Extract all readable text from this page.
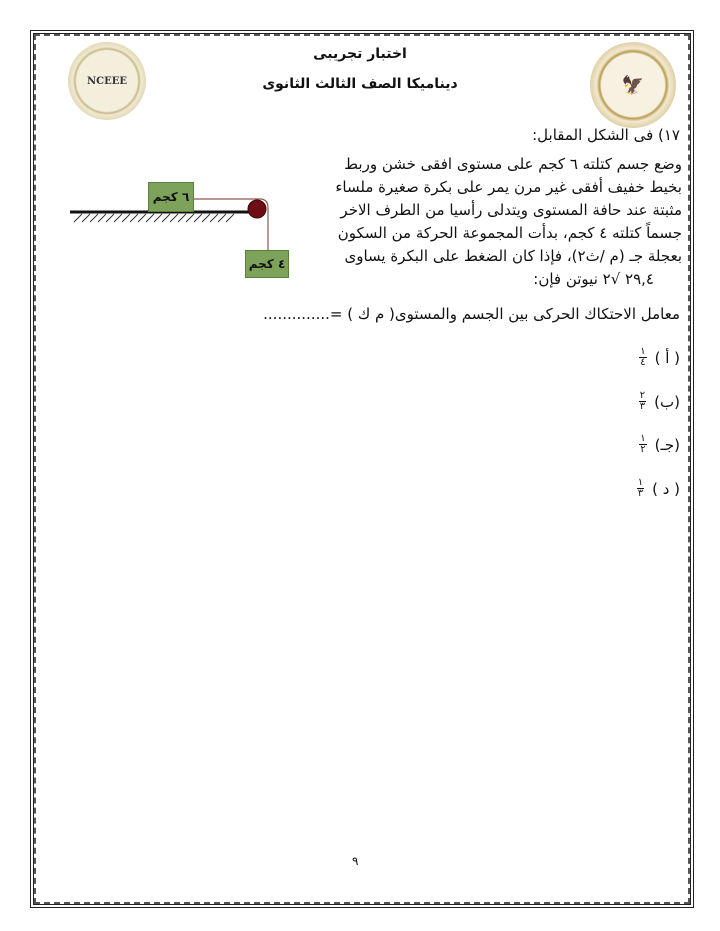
NCEEE	🦅
اختبار تجريبى
ديناميكا الصف الثالث الثانوى
١٧) فى الشكل المقابل:
وضع جسم كتلته ٦ كجم على مستوى افقى خشن وربط
بخيط خفيف أفقى غير مرن يمر على بكرة صغيرة ملساء
مثبتة عند حافة المستوى ويتدلى رأسيا من الطرف الاخر
جسماً كتلته ٤ كجم، بدأت المجموعة الحركة من السكون
بعجلة جـ (م /ث٢)، فإذا كان الضغط على البكرة يساوى
٢٩,٤ √٢ نيوتن فإن:
معامل الاحتكاك الحركى بين الجسم والمستوى( م ك ) =..............
٦ كجم
٤ كجم
( أ )
$\frac{١}{٤}$
(ب)
$\frac{٢}{٣}$
(جـ)
$\frac{١}{٢}$
( د )
$\frac{١}{٣}$
٩
